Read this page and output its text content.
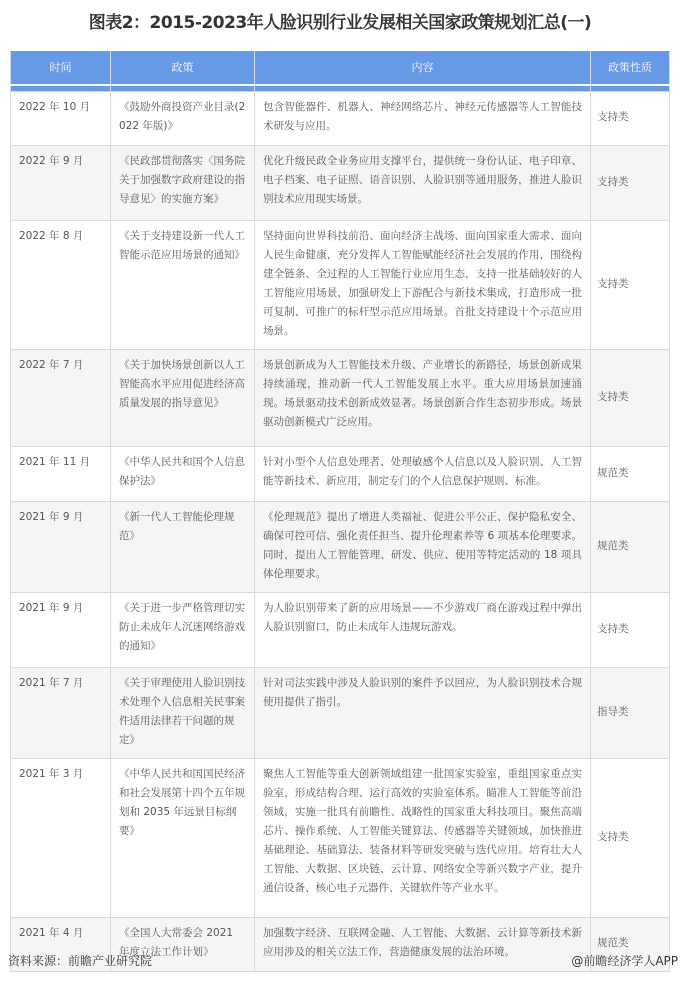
图表2：2015-2023年人脸识别行业发展相关国家政策规划汇总(一)
时间	政策	内容	政策性质

2022 年 10 月	《鼓励外商投资产业目录(2022 年版)》	包含智能器件、机器人、神经网络芯片、神经元传感器等人工智能技术研发与应用。	支持类
2022 年 9 月	《民政部贯彻落实〈国务院关于加强数字政府建设的指导意见〉的实施方案》	优化升级民政全业务应用支撑平台，提供统一身份认证、电子印章、电子档案、电子证照、语音识别、人脸识别等通用服务，推进人脸识别技术应用现实场景。	支持类
2022 年 8 月	《关于支持建设新一代人工智能示范应用场景的通知》	坚持面向世界科技前沿、面向经济主战场、面向国家重大需求、面向人民生命健康，充分发挥人工智能赋能经济社会发展的作用，围绕构建全链条、全过程的人工智能行业应用生态，支持一批基础较好的人工智能应用场景，加强研发上下游配合与新技术集成，打造形成一批可复制、可推广的标杆型示范应用场景。首批支持建设十个示范应用场景。	支持类
2022 年 7 月	《关于加快场景创新以人工智能高水平应用促进经济高质量发展的指导意见》	场景创新成为人工智能技术升级、产业增长的新路径，场景创新成果持续涌现，推动新一代人工智能发展上水平。重大应用场景加速涌现。场景驱动技术创新成效显著。场景创新合作生态初步形成。场景驱动创新模式广泛应用。	支持类
2021 年 11 月	《中华人民共和国个人信息保护法》	针对小型个人信息处理者、处理敏感个人信息以及人脸识别、人工智能等新技术、新应用，制定专门的个人信息保护规则、标准。	规范类
2021 年 9 月	《新一代人工智能伦理规范》	《伦理规范》提出了增进人类福祉、促进公平公正、保护隐私安全、确保可控可信、强化责任担当、提升伦理素养等 6 项基本伦理要求。同时，提出人工智能管理、研发、供应、使用等特定活动的 18 项具体伦理要求。	规范类
2021 年 9 月	《关于进一步严格管理切实防止未成年人沉迷网络游戏的通知》	为人脸识别带来了新的应用场景——不少游戏厂商在游戏过程中弹出人脸识别窗口，防止未成年人违规玩游戏。	支持类
2021 年 7 月	《关于审理使用人脸识别技术处理个人信息相关民事案件适用法律若干问题的规定》	针对司法实践中涉及人脸识别的案件予以回应，为人脸识别技术合规使用提供了指引。	指导类
2021 年 3 月	《中华人民共和国国民经济和社会发展第十四个五年规划和 2035 年远景目标纲要》	聚焦人工智能等重大创新领域组建一批国家实验室，重组国家重点实验室，形成结构合理、运行高效的实验室体系。瞄准人工智能等前沿领域，实施一批具有前瞻性、战略性的国家重大科技项目。聚焦高端芯片、操作系统、人工智能关键算法、传感器等关键领域，加快推进基础理论、基础算法、装备材料等研发突破与迭代应用。培育壮大人工智能、大数据、区块链、云计算、网络安全等新兴数字产业，提升通信设备、核心电子元器件、关键软件等产业水平。	支持类
2021 年 4 月	《全国人大常委会 2021 年度立法工作计划》	加强数字经济、互联网金融、人工智能、大数据、云计算等新技术新应用涉及的相关立法工作，营造健康发展的法治环境。	规范类
资料来源：前瞻产业研究院	@前瞻经济学人APP
